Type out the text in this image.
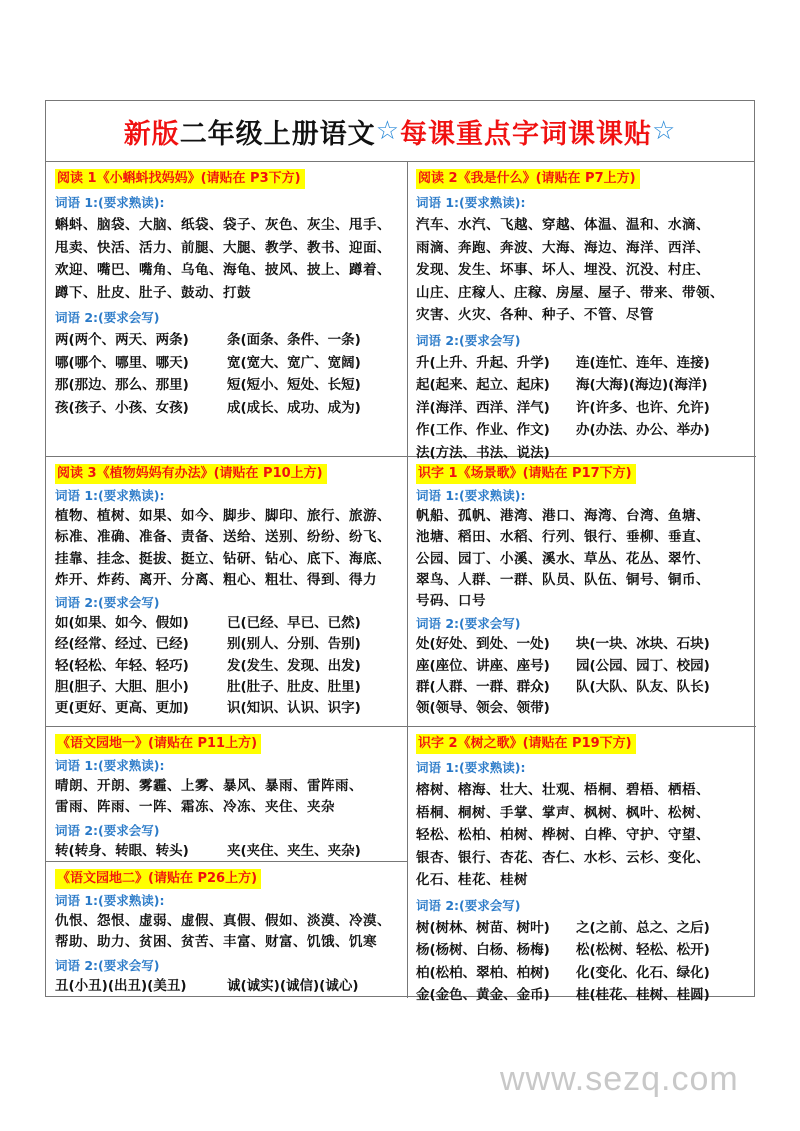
新版 二年级上册语文 ☆ 每课重点字词课课贴 ☆
阅读 1《小蝌蚪找妈妈》(请贴在 P3下方)
词语 1:(要求熟读):
蝌蚪、脑袋、大脑、纸袋、袋子、灰色、灰尘、甩手、
甩卖、快活、活力、前腿、大腿、教学、教书、迎面、
欢迎、嘴巴、嘴角、乌龟、海龟、披风、披上、蹲着、
蹲下、肚皮、肚子、鼓动、打鼓
词语 2:(要求会写)
两(两个、两天、两条)	条(面条、条件、一条)
哪(哪个、哪里、哪天)	宽(宽大、宽广、宽阔)
那(那边、那么、那里)	短(短小、短处、长短)
孩(孩子、小孩、女孩)	成(成长、成功、成为)
阅读 2《我是什么》(请贴在 P7上方)
词语 1:(要求熟读):
汽车、水汽、飞越、穿越、体温、温和、水滴、
雨滴、奔跑、奔波、大海、海边、海洋、西洋、
发现、发生、坏事、坏人、埋没、沉没、村庄、
山庄、庄稼人、庄稼、房屋、屋子、带来、带领、
灾害、火灾、各种、种子、不管、尽管
词语 2:(要求会写)
升(上升、升起、升学)	连(连忙、连年、连接)
起(起来、起立、起床)	海(大海)(海边)(海洋)
洋(海洋、西洋、洋气)	许(许多、也许、允许)
作(工作、作业、作文)	办(办法、办公、举办)
法(方法、书法、说法)
阅读 3《植物妈妈有办法》(请贴在 P10上方)
词语 1:(要求熟读):
植物、植树、如果、如今、脚步、脚印、旅行、旅游、
标准、准确、准备、责备、送给、送别、纷纷、纷飞、
挂靠、挂念、挺拔、挺立、钻研、钻心、底下、海底、
炸开、炸药、离开、分离、粗心、粗壮、得到、得力
词语 2:(要求会写)
如(如果、如今、假如)	已(已经、早已、已然)
经(经常、经过、已经)	别(别人、分别、告别)
轻(轻松、年轻、轻巧)	发(发生、发现、出发)
胆(胆子、大胆、胆小)	肚(肚子、肚皮、肚里)
更(更好、更高、更加)	识(知识、认识、识字)
识字 1《场景歌》(请贴在 P17下方)
词语 1:(要求熟读):
帆船、孤帆、港湾、港口、海湾、台湾、鱼塘、
池塘、稻田、水稻、行列、银行、垂柳、垂直、
公园、园丁、小溪、溪水、草丛、花丛、翠竹、
翠鸟、人群、一群、队员、队伍、铜号、铜币、
号码、口号
词语 2:(要求会写)
处(好处、到处、一处)	块(一块、冰块、石块)
座(座位、讲座、座号)	园(公园、园丁、校园)
群(人群、一群、群众)	队(大队、队友、队长)
领(领导、领会、领带)
《语文园地一》(请贴在 P11上方)
词语 1:(要求熟读):
晴朗、开朗、雾霾、上雾、暴风、暴雨、雷阵雨、
雷雨、阵雨、一阵、霜冻、冷冻、夹住、夹杂
词语 2:(要求会写)
转(转身、转眼、转头)	夹(夹住、夹生、夹杂)
《语文园地二》(请贴在 P26上方)
词语 1:(要求熟读):
仇恨、怨恨、虚弱、虚假、真假、假如、淡漠、冷漠、
帮助、助力、贫困、贫苦、丰富、财富、饥饿、饥寒
词语 2:(要求会写)
丑(小丑)(出丑)(美丑)	诚(诚实)(诚信)(诚心)
识字 2《树之歌》(请贴在 P19下方)
词语 1:(要求熟读):
榕树、榕海、壮大、壮观、梧桐、碧梧、栖梧、
梧桐、桐树、手掌、掌声、枫树、枫叶、松树、
轻松、松柏、柏树、桦树、白桦、守护、守望、
银杏、银行、杏花、杏仁、水杉、云杉、变化、
化石、桂花、桂树
词语 2:(要求会写)
树(树林、树苗、树叶)	之(之前、总之、之后)
杨(杨树、白杨、杨梅)	松(松树、轻松、松开)
柏(松柏、翠柏、柏树)	化(变化、化石、绿化)
金(金色、黄金、金币)	桂(桂花、桂树、桂圆)
www.sezq.com
